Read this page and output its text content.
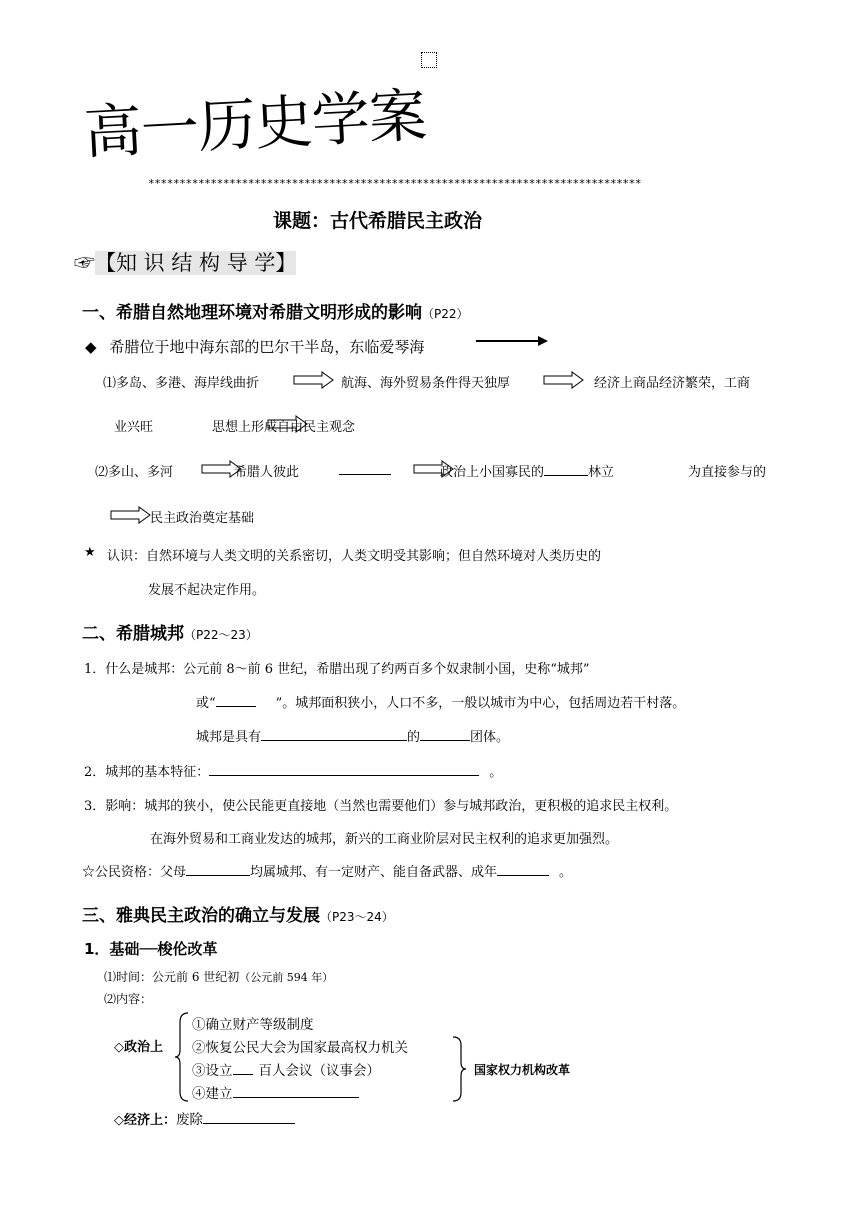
高一历史学案
*******************************************************************************
课题：古代希腊民主政治
☞【知 识 结 构 导 学】
一、希腊自然地理环境对希腊文明形成的影响（P22）
◆ 希腊位于地中海东部的巴尔干半岛，东临爱琴海
⑴多岛、多港、海岸线曲折	航海、海外贸易条件得天独厚	经济上商品经济繁荣，工商
业兴旺	思想上形成自由民主观念
⑵多山、多河	希腊人彼此	政治上小国寡民的	林立	为直接参与的
民主政治奠定基础
★ 认识：自然环境与人类文明的关系密切，人类文明受其影响；但自然环境对人类历史的
发展不起决定作用。
二、希腊城邦（P22～23）
1．什么是城邦：公元前 8～前 6 世纪，希腊出现了约两百多个奴隶制小国，史称“城邦”
或“	”。城邦面积狭小，人口不多，一般以城市为中心，包括周边若干村落。
城邦是具有	的	团体。
2．城邦的基本特征：	。
3．影响：城邦的狭小，使公民能更直接地（当然也需要他们）参与城邦政治，更积极的追求民主权利。
在海外贸易和工商业发达的城邦，新兴的工商业阶层对民主权利的追求更加强烈。
☆公民资格：父母	均属城邦、有一定财产、能自备武器、成年	。
三、雅典民主政治的确立与发展（P23～24）
1．基础──梭伦改革
⑴时间：公元前 6 世纪初（公元前 594 年）
⑵内容：
◇政治上
①确立财产等级制度
②恢复公民大会为国家最高权力机关
③设立 百人会议（议事会）
④建立
国家权力机构改革
◇经济上：废除
